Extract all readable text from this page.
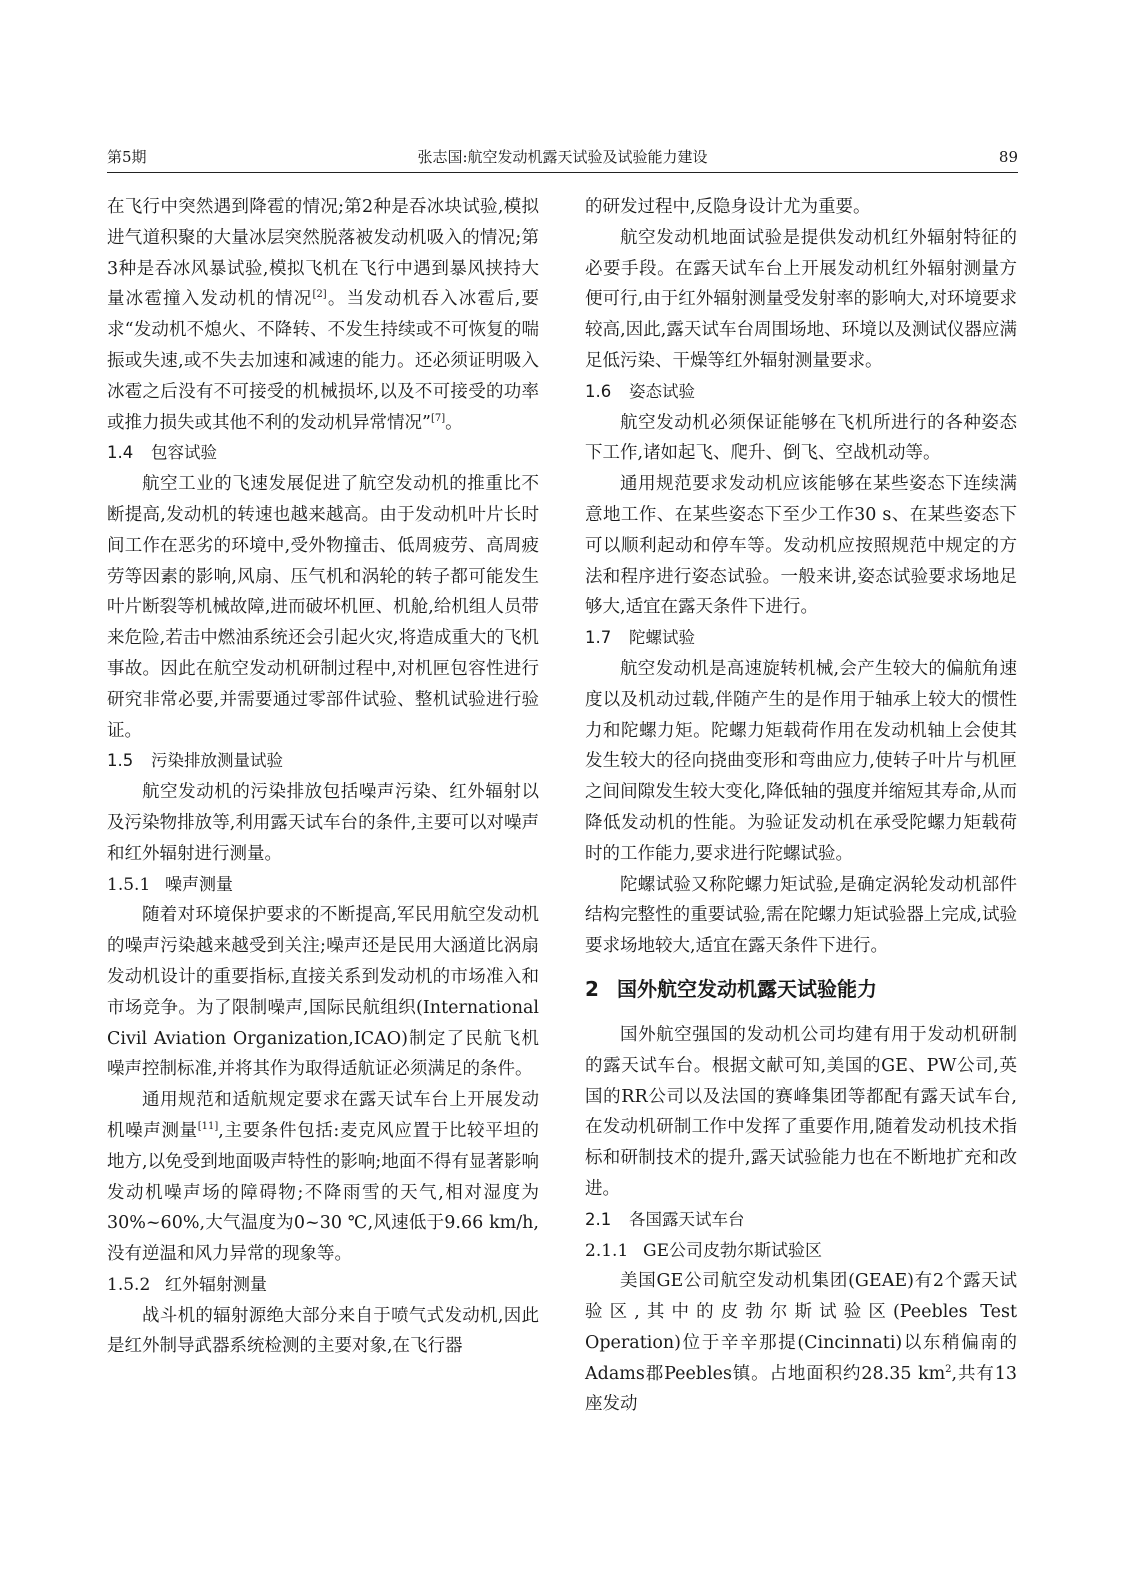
第5期	张志国:航空发动机露天试验及试验能力建设	89

在飞行中突然遇到降雹的情况;第2种是吞冰块试验,模拟进气道积聚的大量冰层突然脱落被发动机吸入的情况;第3种是吞冰风暴试验,模拟飞机在飞行中遇到暴风挟持大量冰雹撞入发动机的情况[2]。当发动机吞入冰雹后,要求“发动机不熄火、不降转、不发生持续或不可恢复的喘振或失速,或不失去加速和减速的能力。还必须证明吸入冰雹之后没有不可接受的机械损坏,以及不可接受的功率或推力损失或其他不利的发动机异常情况”[7]。

1.4 包容试验

航空工业的飞速发展促进了航空发动机的推重比不断提高,发动机的转速也越来越高。由于发动机叶片长时间工作在恶劣的环境中,受外物撞击、低周疲劳、高周疲劳等因素的影响,风扇、压气机和涡轮的转子都可能发生叶片断裂等机械故障,进而破坏机匣、机舱,给机组人员带来危险,若击中燃油系统还会引起火灾,将造成重大的飞机事故。因此在航空发动机研制过程中,对机匣包容性进行研究非常必要,并需要通过零部件试验、整机试验进行验证。

1.5 污染排放测量试验

航空发动机的污染排放包括噪声污染、红外辐射以及污染物排放等,利用露天试车台的条件,主要可以对噪声和红外辐射进行测量。

1.5.1 噪声测量

随着对环境保护要求的不断提高,军民用航空发动机的噪声污染越来越受到关注;噪声还是民用大涵道比涡扇发动机设计的重要指标,直接关系到发动机的市场准入和市场竞争。为了限制噪声,国际民航组织(International Civil Aviation Organization,ICAO)制定了民航飞机噪声控制标准,并将其作为取得适航证必须满足的条件。

通用规范和适航规定要求在露天试车台上开展发动机噪声测量[11],主要条件包括:麦克风应置于比较平坦的地方,以免受到地面吸声特性的影响;地面不得有显著影响发动机噪声场的障碍物;不降雨雪的天气,相对湿度为30%~60%,大气温度为0~30 ℃,风速低于9.66 km/h,没有逆温和风力异常的现象等。

1.5.2 红外辐射测量

战斗机的辐射源绝大部分来自于喷气式发动机,因此是红外制导武器系统检测的主要对象,在飞行器

的研发过程中,反隐身设计尤为重要。

航空发动机地面试验是提供发动机红外辐射特征的必要手段。在露天试车台上开展发动机红外辐射测量方便可行,由于红外辐射测量受发射率的影响大,对环境要求较高,因此,露天试车台周围场地、环境以及测试仪器应满足低污染、干燥等红外辐射测量要求。

1.6 姿态试验

航空发动机必须保证能够在飞机所进行的各种姿态下工作,诸如起飞、爬升、倒飞、空战机动等。

通用规范要求发动机应该能够在某些姿态下连续满意地工作、在某些姿态下至少工作30 s、在某些姿态下可以顺利起动和停车等。发动机应按照规范中规定的方法和程序进行姿态试验。一般来讲,姿态试验要求场地足够大,适宜在露天条件下进行。

1.7 陀螺试验

航空发动机是高速旋转机械,会产生较大的偏航角速度以及机动过载,伴随产生的是作用于轴承上较大的惯性力和陀螺力矩。陀螺力矩载荷作用在发动机轴上会使其发生较大的径向挠曲变形和弯曲应力,使转子叶片与机匣之间间隙发生较大变化,降低轴的强度并缩短其寿命,从而降低发动机的性能。为验证发动机在承受陀螺力矩载荷时的工作能力,要求进行陀螺试验。

陀螺试验又称陀螺力矩试验,是确定涡轮发动机部件结构完整性的重要试验,需在陀螺力矩试验器上完成,试验要求场地较大,适宜在露天条件下进行。

2 国外航空发动机露天试验能力

国外航空强国的发动机公司均建有用于发动机研制的露天试车台。根据文献可知,美国的GE、PW公司,英国的RR公司以及法国的赛峰集团等都配有露天试车台,在发动机研制工作中发挥了重要作用,随着发动机技术指标和研制技术的提升,露天试验能力也在不断地扩充和改进。

2.1 各国露天试车台
2.1.1 GE公司皮勃尔斯试验区

美国GE公司航空发动机集团(GEAE)有2个露天试验区,其中的皮勃尔斯试验区(Peebles Test Operation)位于辛辛那提(Cincinnati)以东稍偏南的Adams郡Peebles镇。占地面积约28.35 $km^2$,共有13座发动
